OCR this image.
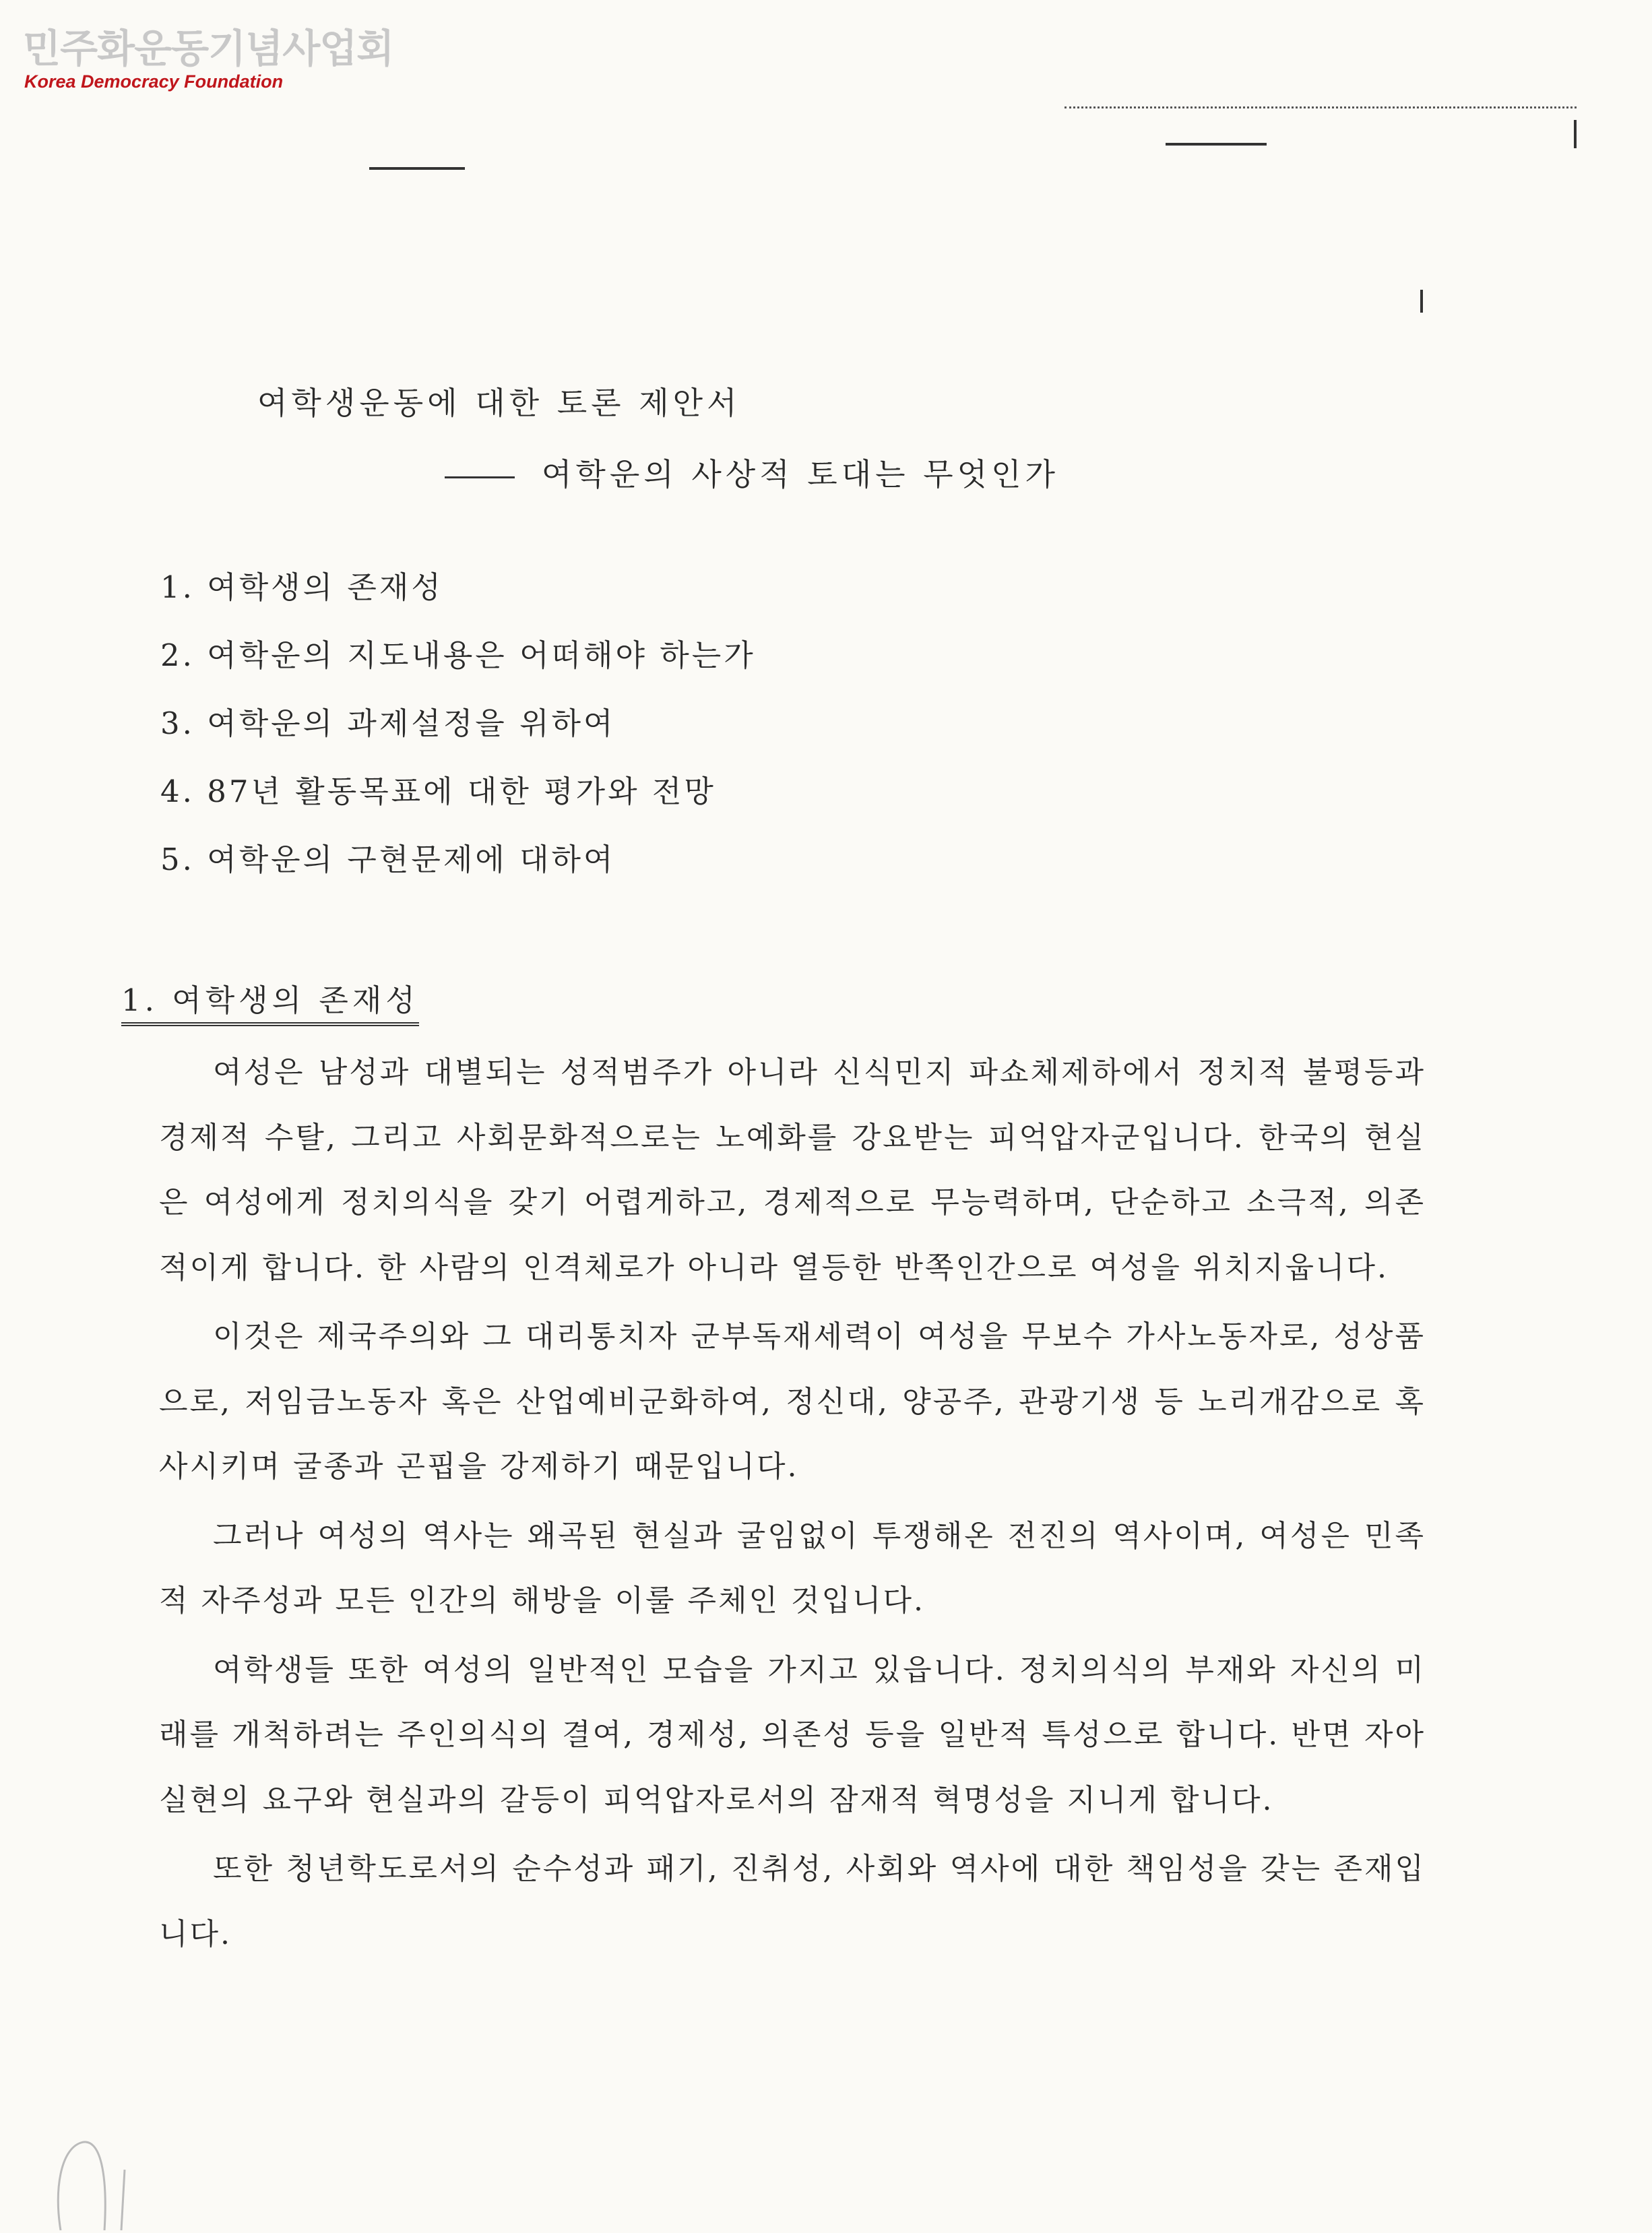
민주화운동기념사업회
Korea Democracy Foundation
여학생운동에 대한 토론 제안서
여학운의 사상적 토대는 무엇인가
1. 여학생의 존재성
2. 여학운의 지도내용은 어떠해야 하는가
3. 여학운의 과제설정을 위하여
4. 87년 활동목표에 대한 평가와 전망
5. 여학운의 구현문제에 대하여
1. 여학생의 존재성

여성은 남성과 대별되는 성적범주가 아니라 신식민지 파쇼체제하에서 정치적 불평등과 경제적 수탈, 그리고 사회문화적으로는 노예화를 강요받는 피억압자군입니다. 한국의 현실은 여성에게 정치의식을 갖기 어렵게하고, 경제적으로 무능력하며, 단순하고 소극적, 의존적이게 합니다. 한 사람의 인격체로가 아니라 열등한 반쪽인간으로 여성을 위치지웁니다.

이것은 제국주의와 그 대리통치자 군부독재세력이 여성을 무보수 가사노동자로, 성상품으로, 저임금노동자 혹은 산업예비군화하여, 정신대, 양공주, 관광기생 등 노리개감으로 혹사시키며 굴종과 곤핍을 강제하기 때문입니다.

그러나 여성의 역사는 왜곡된 현실과 굴임없이 투쟁해온 전진의 역사이며, 여성은 민족적 자주성과 모든 인간의 해방을 이룰 주체인 것입니다.

여학생들 또한 여성의 일반적인 모습을 가지고 있읍니다. 정치의식의 부재와 자신의 미래를 개척하려는 주인의식의 결여, 경제성, 의존성 등을 일반적 특성으로 합니다. 반면 자아실현의 요구와 현실과의 갈등이 피억압자로서의 잠재적 혁명성을 지니게 합니다.

또한 청년학도로서의 순수성과 패기, 진취성, 사회와 역사에 대한 책임성을 갖는 존재입니다.
